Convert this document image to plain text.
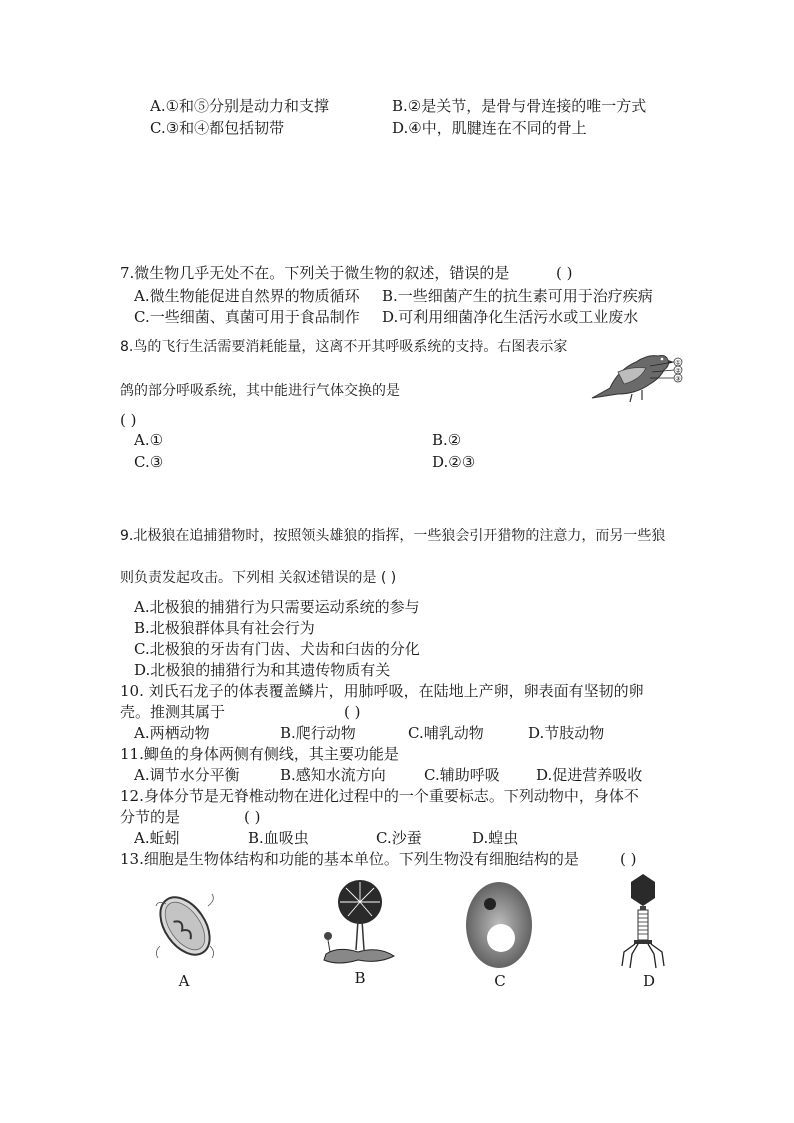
A.①和⑤分别是动力和支撑	B.②是关节，是骨与骨连接的唯一方式
C.③和④都包括韧带	D.④中，肌腱连在不同的骨上
7.微生物几乎无处不在。下列关于微生物的叙述，错误的是	( )
A.微生物能促进自然界的物质循环 B.一些细菌产生的抗生素可用于治疗疾病
C.一些细菌、真菌可用于食品制作 D.可利用细菌净化生活污水或工业废水
8.鸟的飞行生活需要消耗能量，这离不开其呼吸系统的支持。右图表示家
鸽的部分呼吸系统，其中能进行气体交换的是
( )
A.①	B.②
C.③	D.②③
①
②
③
9.北极狼在追捕猎物时，按照领头雄狼的指挥，一些狼会引开猎物的注意力，而另一些狼
则负责发起攻击。下列相 关叙述错误的是 ( )
A.北极狼的捕猎行为只需要运动系统的参与
B.北极狼群体具有社会行为
C.北极狼的牙齿有门齿、犬齿和臼齿的分化
D.北极狼的捕猎行为和其遗传物质有关
10. 刘氏石龙子的体表覆盖鳞片，用肺呼吸，在陆地上产卵，卵表面有坚韧的卵
壳。推测其属于	( )
A.两栖动物	B.爬行动物	C.哺乳动物	D.节肢动物
11.鲫鱼的身体两侧有侧线，其主要功能是
A.调节水分平衡	B.感知水流方向	C.辅助呼吸 D.促进营养吸收
12.身体分节是无脊椎动物在进化过程中的一个重要标志。下列动物中，身体不
分节的是	( )
A.蚯蚓	B.血吸虫	C.沙蚕	D.蝗虫
13.细胞是生物体结构和功能的基本单位。下列生物没有细胞结构的是	( )
A	B	C	D
